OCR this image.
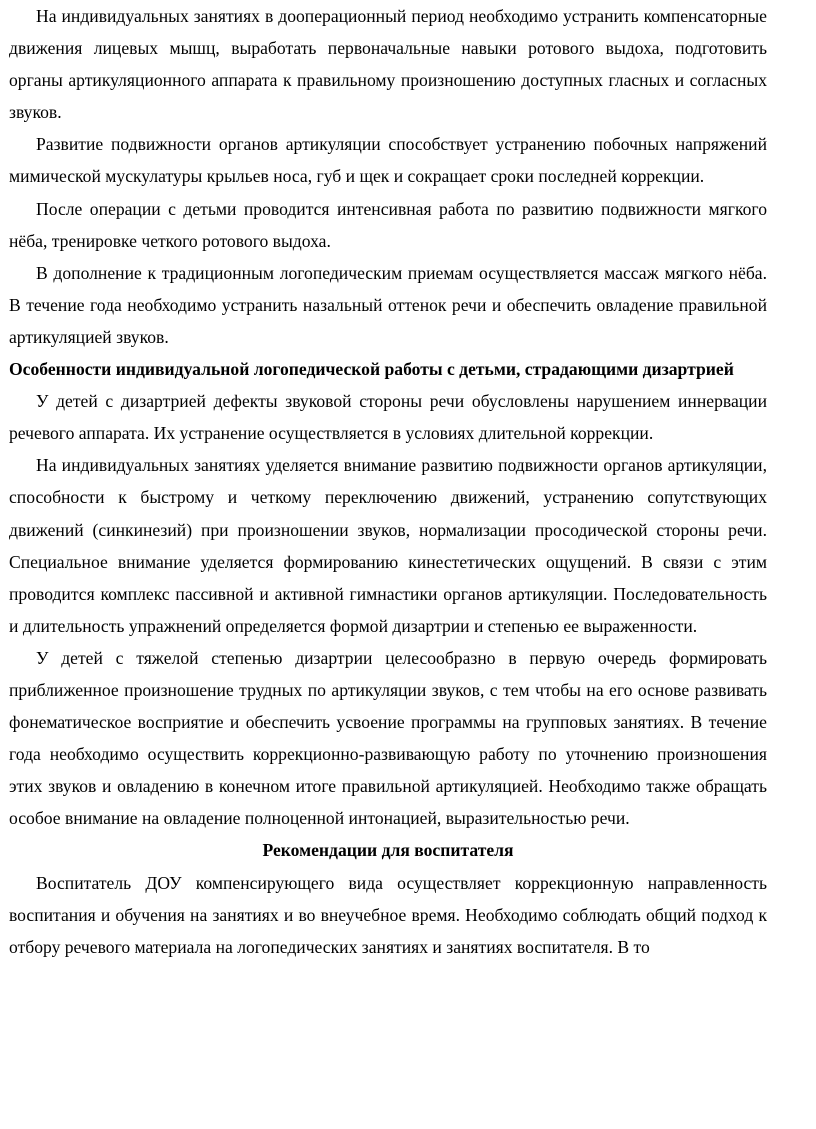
На индивидуальных занятиях в дооперационный период необходимо устранить компенсаторные движения лицевых мышц, выработать первоначальные навыки ротового выдоха, подготовить органы артикуляционного аппарата к правильному произношению доступных гласных и согласных звуков.

Развитие подвижности органов артикуляции способствует устранению побочных напряжений мимической мускулатуры крыльев носа, губ и щек и сокращает сроки последней коррекции.

После операции с детьми проводится интенсивная работа по развитию подвижности мягкого нёба, тренировке четкого ротового выдоха.

В дополнение к традиционным логопедическим приемам осуществляется массаж мягкого нёба. В течение года необходимо устранить назальный оттенок речи и обеспечить овладение правильной артикуляцией звуков.

Особенности индивидуальной логопедической работы с детьми, страдающими дизартрией

У детей с дизартрией дефекты звуковой стороны речи обусловлены нарушением иннервации речевого аппарата. Их устранение осуществляется в условиях длительной коррекции.

На индивидуальных занятиях уделяется внимание развитию подвижности органов артикуляции, способности к быстрому и четкому переключению движений, устранению сопутствующих движений (синкинезий) при произношении звуков, нормализации просодической стороны речи. Специальное внимание уделяется формированию кинестетических ощущений. В связи с этим проводится комплекс пассивной и активной гимнастики органов артикуляции. Последовательность и длительность упражнений определяется формой дизартрии и степенью ее выраженности.

У детей с тяжелой степенью дизартрии целесообразно в первую очередь формировать приближенное произношение трудных по артикуляции звуков, с тем чтобы на его основе развивать фонематическое восприятие и обеспечить усвоение программы на групповых занятиях. В течение года необходимо осуществить коррекционно-развивающую работу по уточнению произношения этих звуков и овладению в конечном итоге правильной артикуляцией. Необходимо также обращать особое внимание на овладение полноценной интонацией, выразительностью речи.

Рекомендации для воспитателя

Воспитатель ДОУ компенсирующего вида осуществляет коррекционную направленность воспитания и обучения на занятиях и во внеучебное время. Необходимо соблюдать общий подход к отбору речевого материала на логопедических занятиях и занятиях воспитателя. В то
